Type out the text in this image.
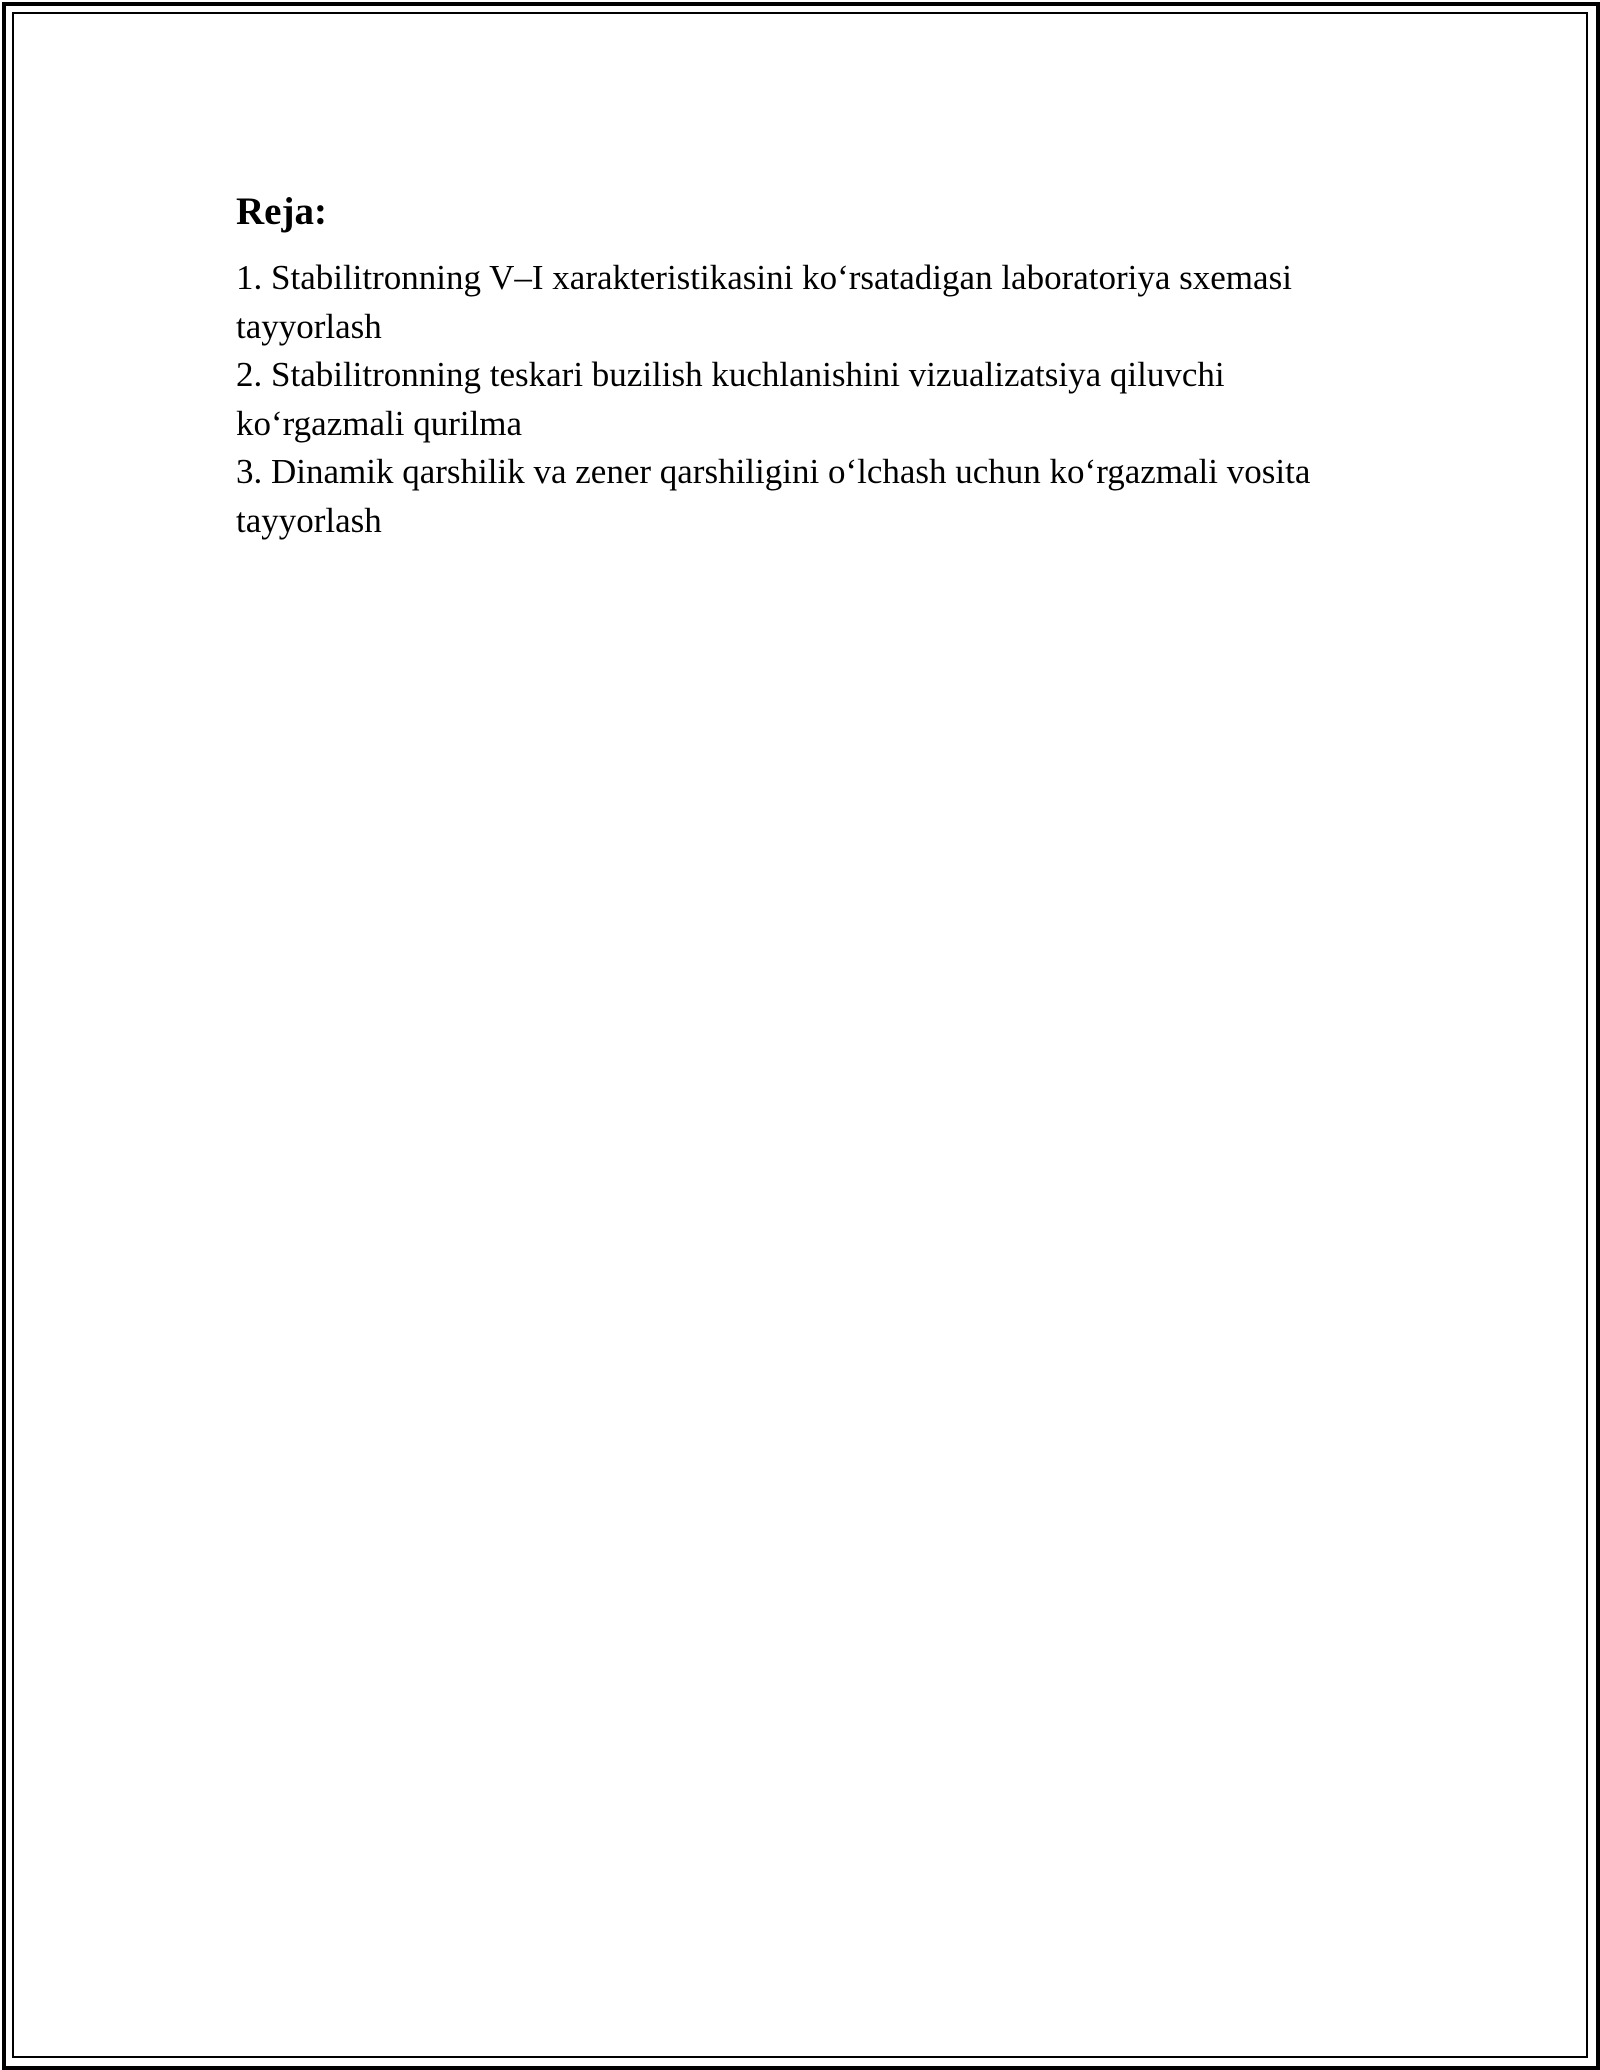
Reja:
1. Stabilitronning V–I xarakteristikasini ko‘rsatadigan laboratoriya sxemasi tayyorlash
2. Stabilitronning teskari buzilish kuchlanishini vizualizatsiya qiluvchi ko‘rgazmali qurilma
3. Dinamik qarshilik va zener qarshiligini o‘lchash uchun ko‘rgazmali vosita tayyorlash
